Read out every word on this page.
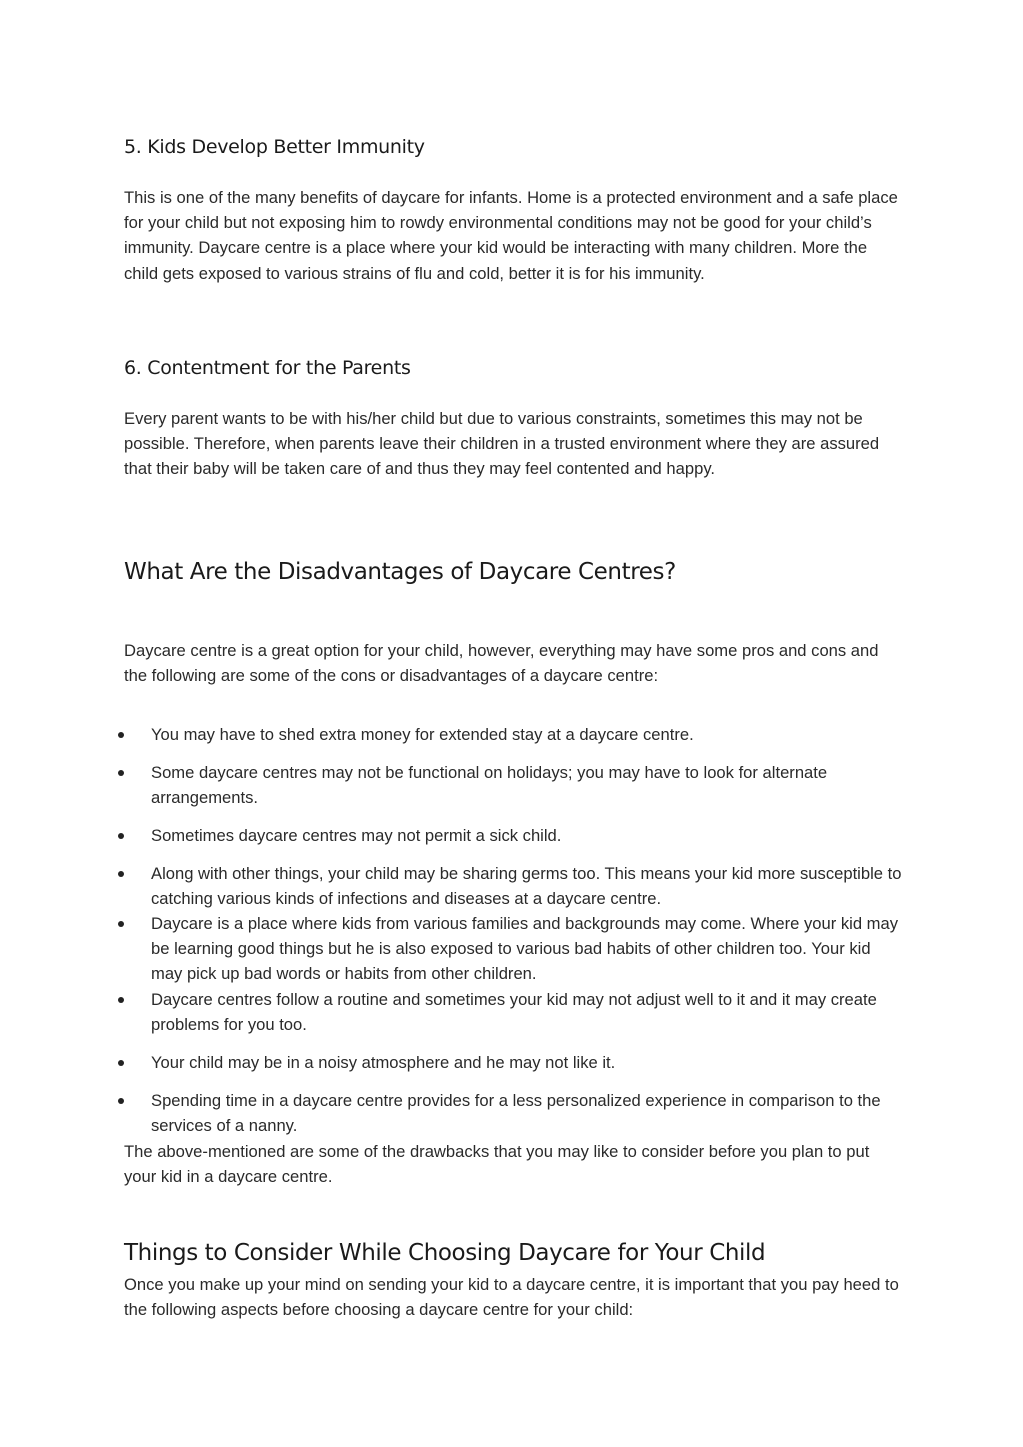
5. Kids Develop Better Immunity

This is one of the many benefits of daycare for infants. Home is a protected environment and a safe place for your child but not exposing him to rowdy environmental conditions may not be good for your child’s immunity. Daycare centre is a place where your kid would be interacting with many children. More the child gets exposed to various strains of flu and cold, better it is for his immunity.

6. Contentment for the Parents

Every parent wants to be with his/her child but due to various constraints, sometimes this may not be possible. Therefore, when parents leave their children in a trusted environment where they are assured that their baby will be taken care of and thus they may feel contented and happy.

What Are the Disadvantages of Daycare Centres?

Daycare centre is a great option for your child, however, everything may have some pros and cons and the following are some of the cons or disadvantages of a daycare centre:

You may have to shed extra money for extended stay at a daycare centre.
Some daycare centres may not be functional on holidays; you may have to look for alternate arrangements.
Sometimes daycare centres may not permit a sick child.
Along with other things, your child may be sharing germs too. This means your kid more susceptible to catching various kinds of infections and diseases at a daycare centre.
Daycare is a place where kids from various families and backgrounds may come. Where your kid may be learning good things but he is also exposed to various bad habits of other children too. Your kid may pick up bad words or habits from other children.
Daycare centres follow a routine and sometimes your kid may not adjust well to it and it may create problems for you too.
Your child may be in a noisy atmosphere and he may not like it.
Spending time in a daycare centre provides for a less personalized experience in comparison to the services of a nanny.

The above-mentioned are some of the drawbacks that you may like to consider before you plan to put your kid in a daycare centre.

Things to Consider While Choosing Daycare for Your Child

Once you make up your mind on sending your kid to a daycare centre, it is important that you pay heed to the following aspects before choosing a daycare centre for your child:
